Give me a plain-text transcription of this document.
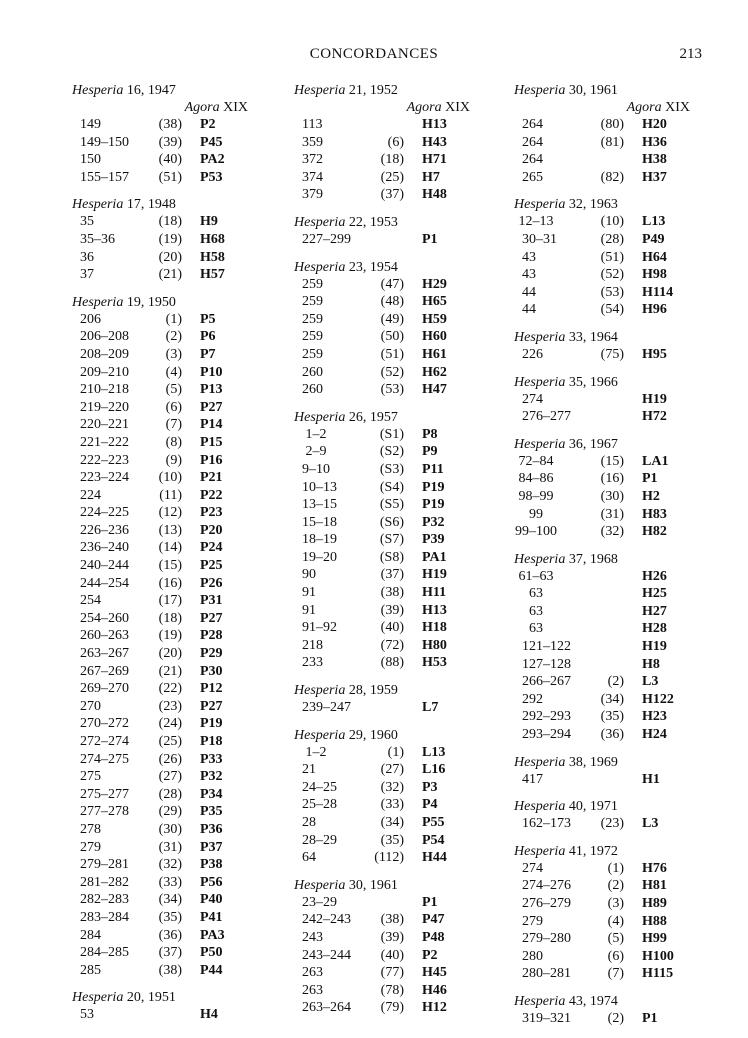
CONCORDANCES	213
Hesperia 16, 1947
Agora XIX
149	(38) P2
149–150 (39) P45
150	(40) PA2
155–157 (51) P53
Hesperia 17, 1948
35	(18) H9
35–36	(19) H68
36	(20) H58
37	(21) H57
Hesperia 19, 1950
206	(1) P5
206–208	(2) P6
208–209	(3) P7
209–210	(4) P10
210–218	(5) P13
219–220	(6) P27
220–221	(7) P14
221–222	(8) P15
222–223	(9) P16
223–224 (10) P21
224	(11) P22
224–225 (12) P23
226–236 (13) P20
236–240 (14) P24
240–244 (15) P25
244–254 (16) P26
254	(17) P31
254–260 (18) P27
260–263 (19) P28
263–267 (20) P29
267–269 (21) P30
269–270 (22) P12
270	(23) P27
270–272 (24) P19
272–274 (25) P18
274–275 (26) P33
275	(27) P32
275–277 (28) P34
277–278 (29) P35
278	(30) P36
279	(31) P37
279–281 (32) P38
281–282 (33) P56
282–283 (34) P40
283–284 (35) P41
284	(36) PA3
284–285 (37) P50
285	(38) P44
Hesperia 20, 1951
53	H4
Hesperia 21, 1952
Agora XIX
113	H13
359	(6) H43
372	(18) H71
374	(25) H7
379	(37) H48
Hesperia 22, 1953
227–299	P1
Hesperia 23, 1954
259	(47) H29
259	(48) H65
259	(49) H59
259	(50) H60
259	(51) H61
260	(52) H62
260	(53) H47
Hesperia 26, 1957
1–2	(S1) P8
2–9	(S2) P9
9–10	(S3) P11
10–13	(S4) P19
13–15	(S5) P19
15–18	(S6) P32
18–19	(S7) P39
19–20	(S8) PA1
90	(37) H19
91	(38) H11
91	(39) H13
91–92	(40) H18
218	(72) H80
233	(88) H53
Hesperia 28, 1959
239–247	L7
Hesperia 29, 1960
1–2	(1) L13
21	(27) L16
24–25	(32) P3
25–28	(33) P4
28	(34) P55
28–29	(35) P54
64	(112) H44
Hesperia 30, 1961
23–29	P1
242–243 (38) P47
243	(39) P48
243–244 (40) P2
263	(77) H45
263	(78) H46
263–264 (79) H12
Hesperia 30, 1961
Agora XIX
264	(80) H20
264	(81) H36
264	H38
265	(82) H37
Hesperia 32, 1963
12–13	(10) L13
30–31	(28) P49
43	(51) H64
43	(52) H98
44	(53) H114
44	(54) H96
Hesperia 33, 1964
226	(75) H95
Hesperia 35, 1966
274	H19
276–277	H72
Hesperia 36, 1967
72–84	(15) LA1
84–86	(16) P1
98–99	(30) H2
99	(31) H83
99–100	(32) H82
Hesperia 37, 1968
61–63	H26
63	H25
63	H27
63	H28
121–122	H19
127–128	H8
266–267	(2) L3
292	(34) H122
292–293 (35) H23
293–294 (36) H24
Hesperia 38, 1969
417	H1
Hesperia 40, 1971
162–173 (23) L3
Hesperia 41, 1972
274	(1) H76
274–276	(2) H81
276–279	(3) H89
279	(4) H88
279–280	(5) H99
280	(6) H100
280–281	(7) H115
Hesperia 43, 1974
319–321	(2) P1
